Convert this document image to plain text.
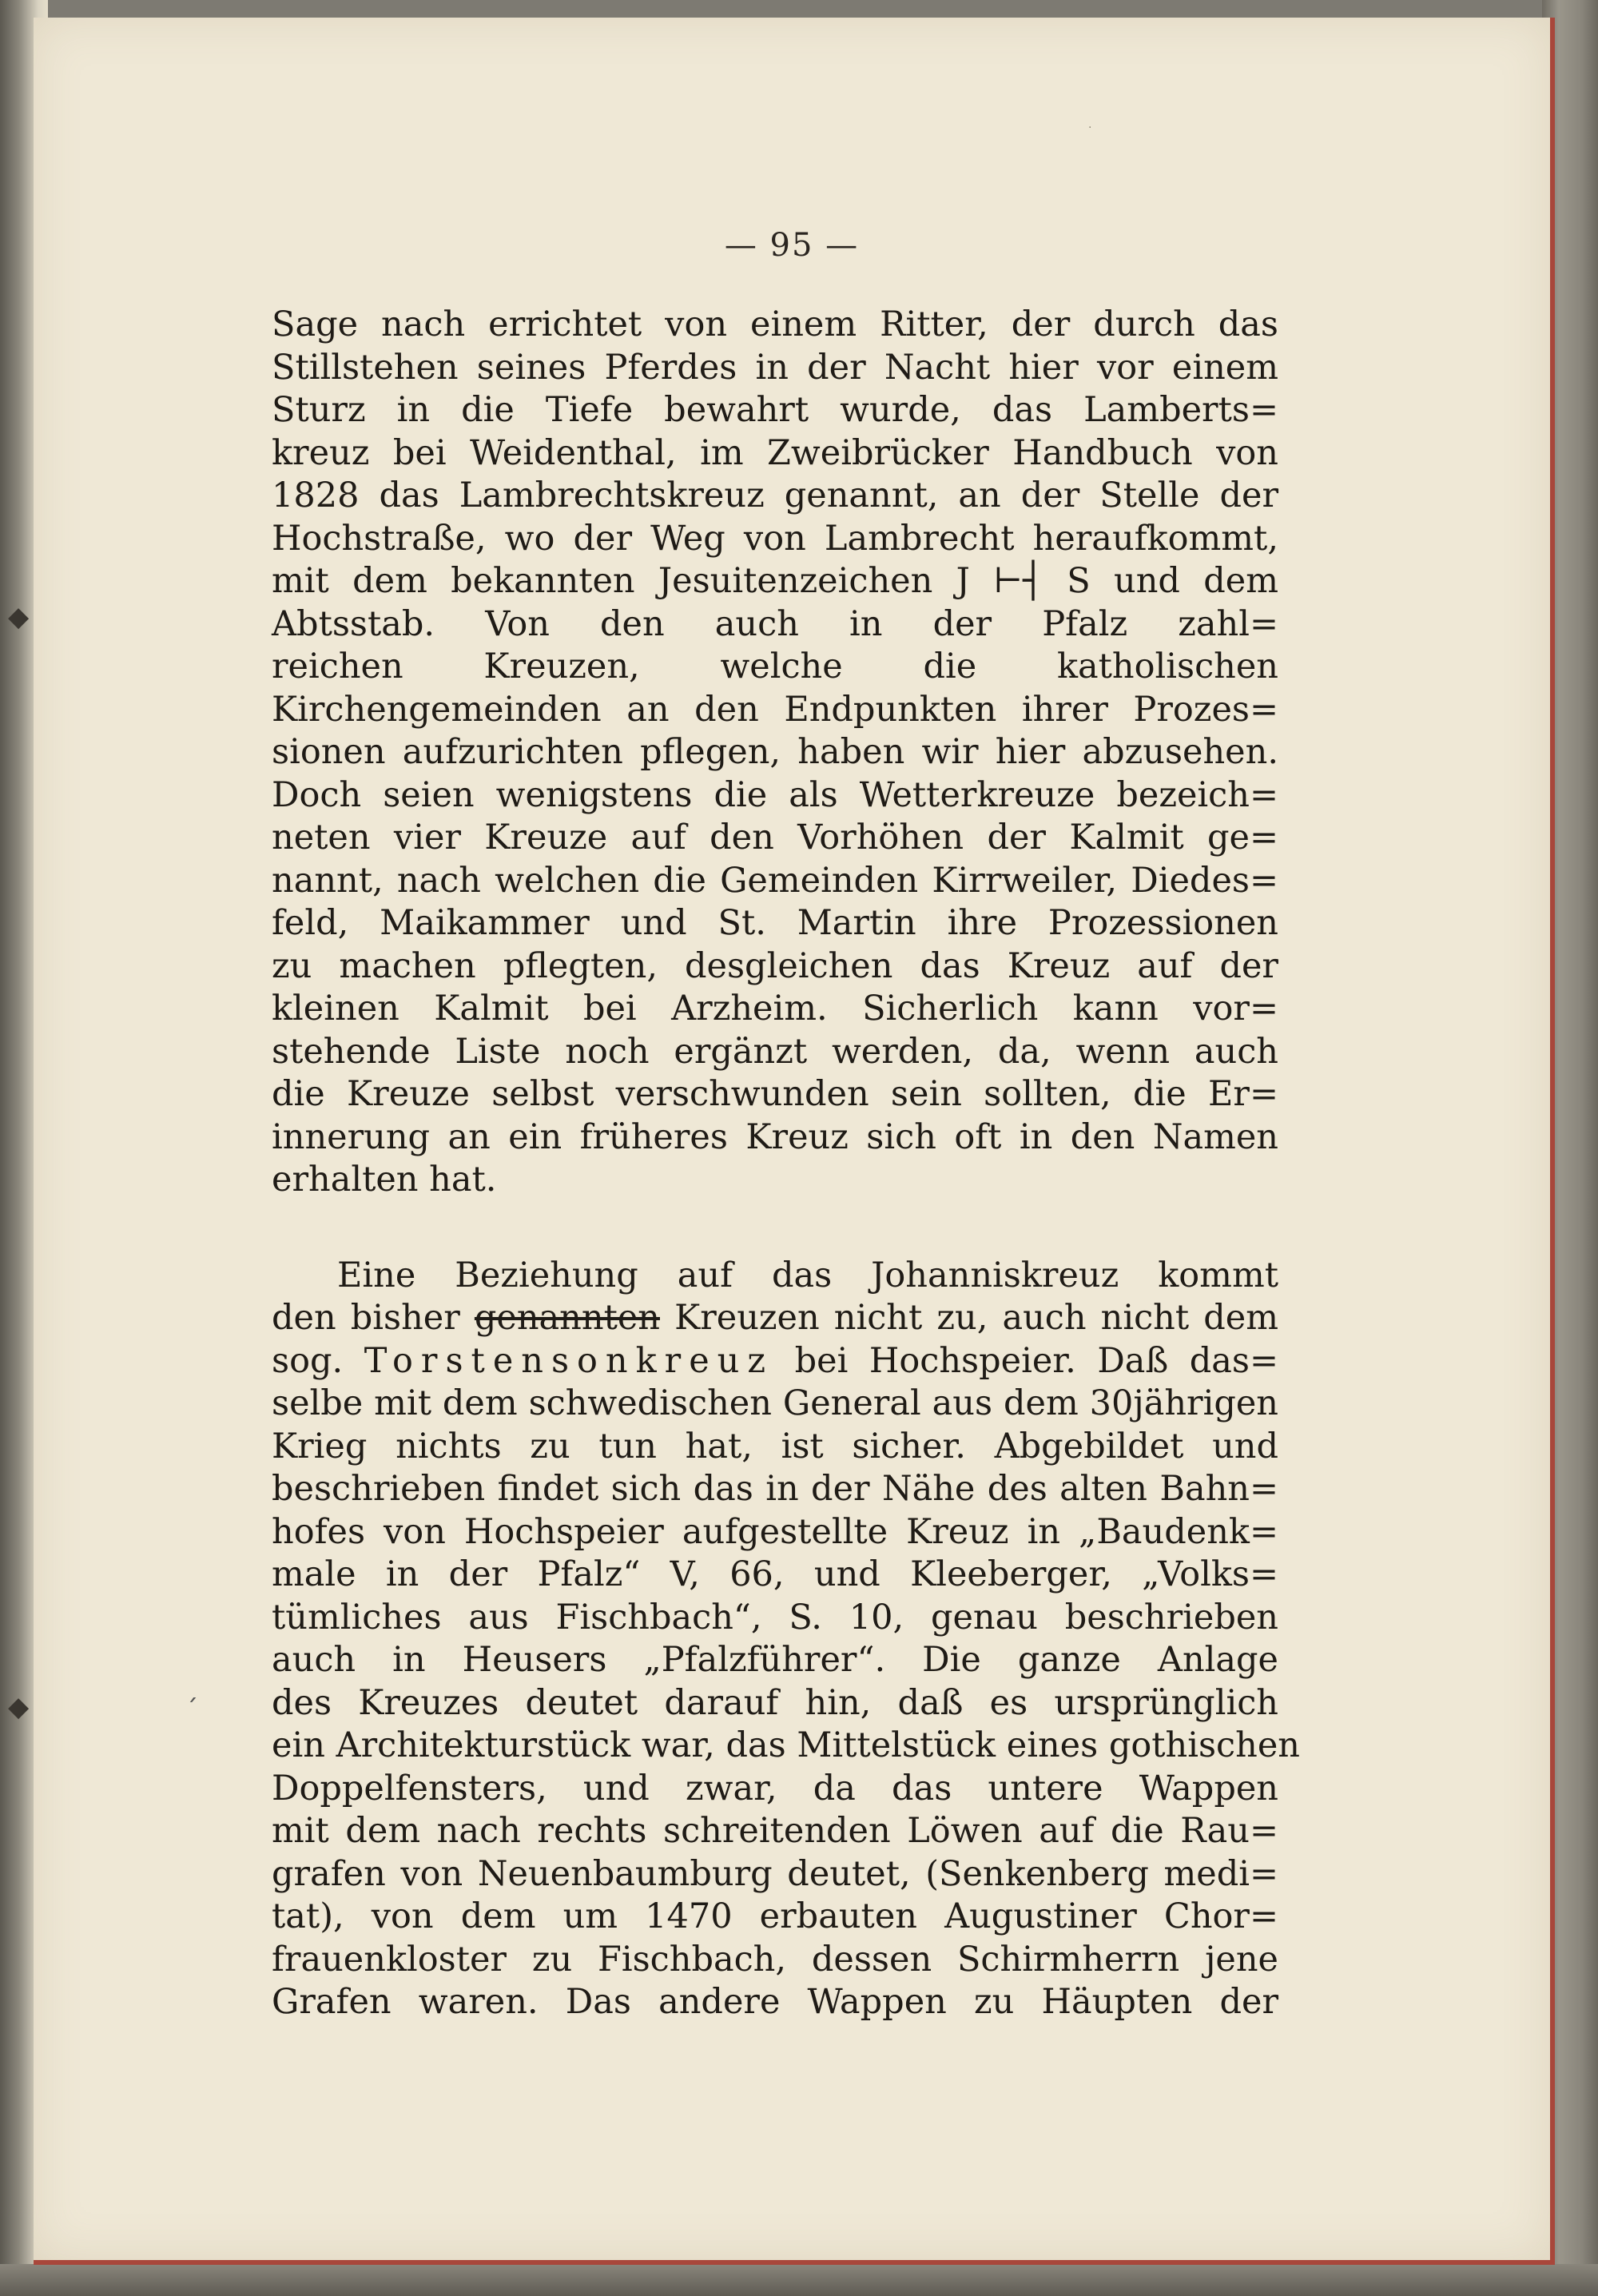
·
— 95 —
Sage nach errichtet von einem Ritter, der durch das
Stillstehen seines Pferdes in der Nacht hier vor einem
Sturz in die Tiefe bewahrt wurde, das Lamberts=
kreuz bei Weidenthal, im Zweibrücker Handbuch von
1828 das Lambrechtskreuz genannt, an der Stelle der
Hochstraße, wo der Weg von Lambrecht heraufkommt,
mit dem bekannten Jesuitenzeichen J ⊢┤ S und dem
Abtsstab. Von den auch in der Pfalz zahl=
reichen Kreuzen, welche die katholischen
Kirchengemeinden an den Endpunkten ihrer Prozes=
sionen aufzurichten pflegen, haben wir hier abzusehen.
Doch seien wenigstens die als Wetterkreuze bezeich=
neten vier Kreuze auf den Vorhöhen der Kalmit ge=
nannt, nach welchen die Gemeinden Kirrweiler, Diedes=
feld, Maikammer und St. Martin ihre Prozessionen
zu machen pflegten, desgleichen das Kreuz auf der
kleinen Kalmit bei Arzheim. Sicherlich kann vor=
stehende Liste noch ergänzt werden, da, wenn auch
die Kreuze selbst verschwunden sein sollten, die Er=
innerung an ein früheres Kreuz sich oft in den Namen
erhalten hat.
Eine Beziehung auf das Johanniskreuz kommt
den bisher genannten Kreuzen nicht zu, auch nicht dem
sog. Torstensonkreuz bei Hochspeier. Daß das=
selbe mit dem schwedischen General aus dem 30jährigen
Krieg nichts zu tun hat, ist sicher. Abgebildet und
beschrieben findet sich das in der Nähe des alten Bahn=
hofes von Hochspeier aufgestellte Kreuz in „Baudenk=
male in der Pfalz“ V, 66, und Kleeberger, „Volks=
tümliches aus Fischbach“, S. 10, genau beschrieben
auch in Heusers „Pfalzführer“. Die ganze Anlage
des Kreuzes deutet darauf hin, daß es ursprünglich
ein Architekturstück war, das Mittelstück eines gothischen
Doppelfensters, und zwar, da das untere Wappen
mit dem nach rechts schreitenden Löwen auf die Rau=
grafen von Neuenbaumburg deutet, (Senkenberg medi=
tat), von dem um 1470 erbauten Augustiner Chor=
frauenkloster zu Fischbach, dessen Schirmherrn jene
Grafen waren. Das andere Wappen zu Häupten der
◆
◆	ˊ
